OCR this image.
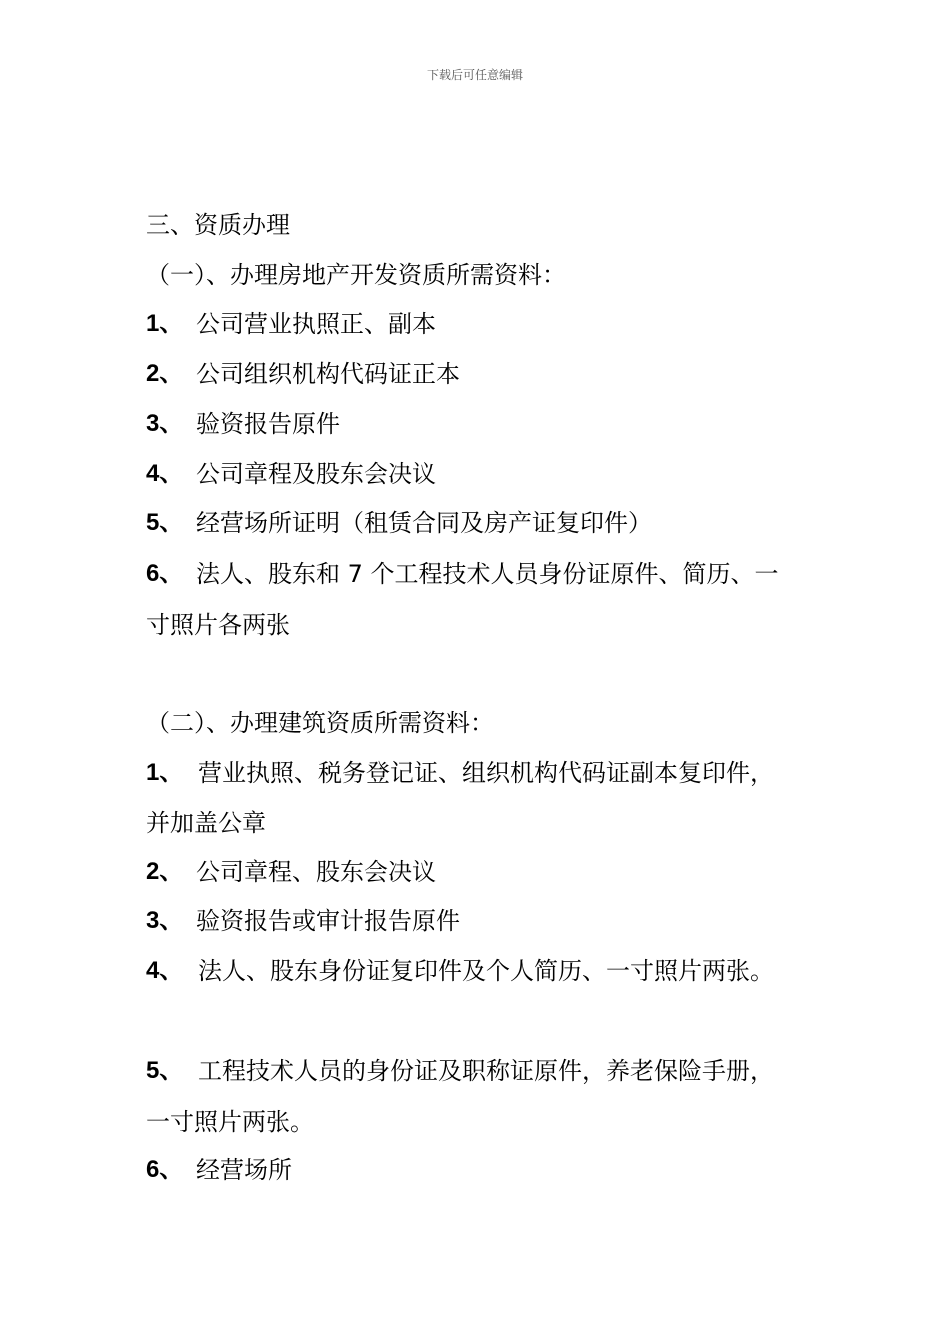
下载后可任意编辑
三、资质办理
（一）、办理房地产开发资质所需资料：
1、 公司营业执照正、副本
2、 公司组织机构代码证正本
3、 验资报告原件
4、 公司章程及股东会决议
5、 经营场所证明（租赁合同及房产证复印件）
6、 法人、股东和 7 个工程技术人员身份证原件、简历、一
寸照片各两张
（二）、办理建筑资质所需资料：
1、 营业执照、税务登记证、组织机构代码证副本复印件，
并加盖公章
2、 公司章程、股东会决议
3、 验资报告或审计报告原件
4、 法人、股东身份证复印件及个人简历、一寸照片两张。
5、 工程技术人员的身份证及职称证原件，养老保险手册，
一寸照片两张。
6、 经营场所
